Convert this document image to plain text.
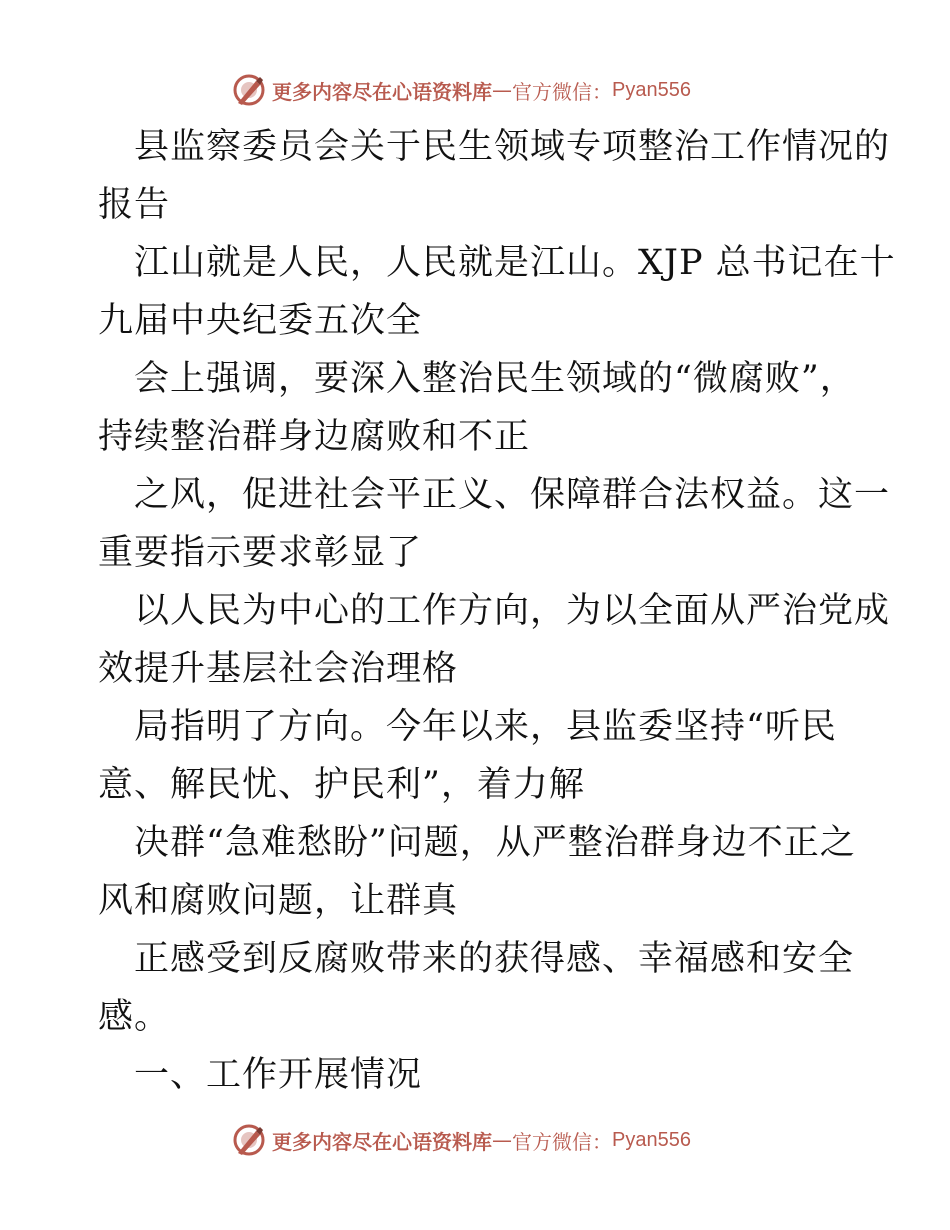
更多内容尽在心语资料库 — 官方微信： Pyan556
县监察委员会关于民生领域专项整治工作情况的
报告
江山就是人民，人民就是江山。XJP 总书记在十
九届中央纪委五次全
会上强调，要深入整治民生领域的“微腐败”，
持续整治群身边腐败和不正
之风，促进社会平正义、保障群合法权益。这一
重要指示要求彰显了
以人民为中心的工作方向，为以全面从严治党成
效提升基层社会治理格
局指明了方向。今年以来，县监委坚持“听民
意、解民忧、护民利”，着力解
决群“急难愁盼”问题，从严整治群身边不正之
风和腐败问题，让群真
正感受到反腐败带来的获得感、幸福感和安全
感。
一、工作开展情况
更多内容尽在心语资料库 — 官方微信： Pyan556
